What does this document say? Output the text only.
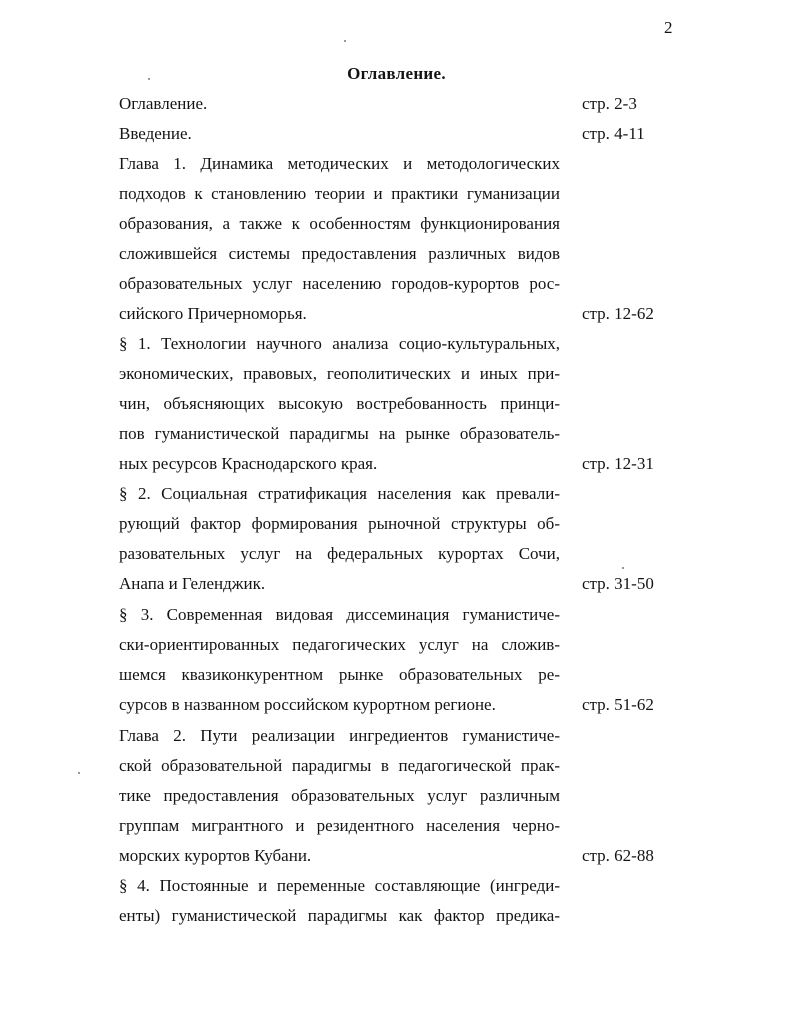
2
Оглавление.
Оглавление.	стр. 2-3
Введение.	стр. 4-11
Глава 1. Динамика методических и методологических
подходов к становлению теории и практики гуманизации
образования, а также к особенностям функционирования
сложившейся системы предоставления различных видов
образовательных услуг населению городов-курортов рос-
сийского Причерноморья.	стр. 12-62
§ 1. Технологии научного анализа социо-культуральных,
экономических, правовых, геополитических и иных при-
чин, объясняющих высокую востребованность принци-
пов гуманистической парадигмы на рынке образователь-
ных ресурсов Краснодарского края.	стр. 12-31
§ 2. Социальная стратификация населения как превали-
рующий фактор формирования рыночной структуры об-
разовательных услуг на федеральных курортах Сочи,
Анапа и Геленджик.	стр. 31-50
§ 3. Современная видовая диссеминация гуманистиче-
ски-ориентированных педагогических услуг на сложив-
шемся квазиконкурентном рынке образовательных ре-
сурсов в названном российском курортном регионе.	стр. 51-62
Глава 2. Пути реализации ингредиентов гуманистиче-
ской образовательной парадигмы в педагогической прак-
тике предоставления образовательных услуг различным
группам мигрантного и резидентного населения черно-
морских курортов Кубани.	стр. 62-88
§ 4. Постоянные и переменные составляющие (ингреди-
енты) гуманистической парадигмы как фактор предика-
